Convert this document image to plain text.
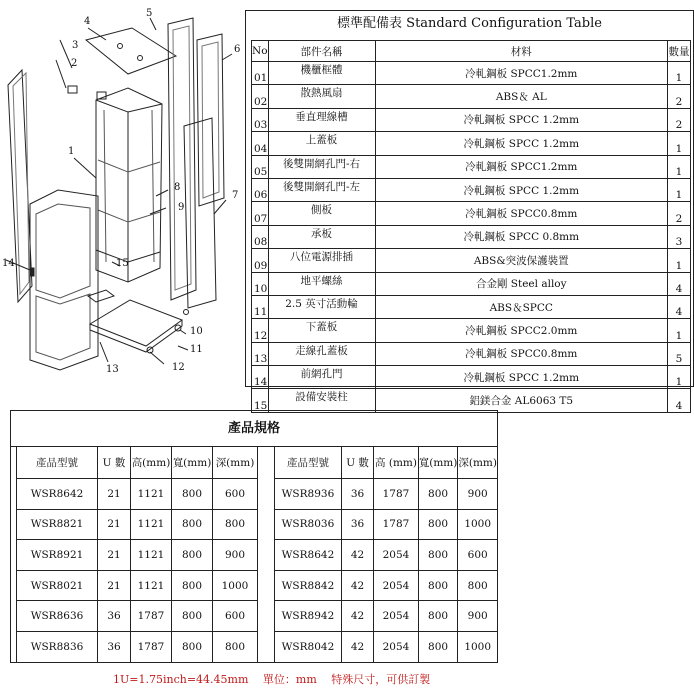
1
2
3
4
5
6
7
8
9
10
11
12
13
14	15
標準配備表 Standard Configuration Table
No	部件名稱	材料	數量
01	機櫃框體	冷軋鋼板 SPCC1.2mm	1
02	散熱風扇	ABS＆ AL	2
03	垂直理線槽	冷軋鋼板 SPCC 1.2mm	2
04	上蓋板	冷軋鋼板 SPCC 1.2mm	1
05	後雙開網孔門-右	冷軋鋼板 SPCC1.2mm	1
06	後雙開網孔門-左	冷軋鋼板 SPCC 1.2mm	1
07	側板	冷軋鋼板 SPCC0.8mm	2
08	承板	冷軋鋼板 SPCC 0.8mm	3
09	八位電源排插	ABS&突波保護裝置	1
10	地平螺絲	合金剛 Steel alloy	4
11	2.5 英寸活動輪	ABS＆SPCC	4
12	下蓋板	冷軋鋼板 SPCC2.0mm	1
13	走線孔蓋板	冷軋鋼板 SPCC0.8mm	5
14	前網孔門	冷軋鋼板 SPCC 1.2mm	1
15	設備安裝柱	鋁鎂合金 AL6063 T5	4
產品規格
產品型號	U 數	高(mm)	寬(mm)	深(mm)
WSR8642	21	1121	800	600
WSR8821	21	1121	800	800
WSR8921	21	1121	800	900
WSR8021	21	1121	800	1000
WSR8636	36	1787	800	600
WSR8836	36	1787	800	800
產品型號	U 數	高 (mm)	寬(mm)	深(mm)
WSR8936	36	1787	800	900
WSR8036	36	1787	800	1000
WSR8642	42	2054	800	600
WSR8842	42	2054	800	800
WSR8942	42	2054	800	900
WSR8042	42	2054	800	1000
1U=1.75inch=44.45mm　 單位：mm　 特殊尺寸，可供訂製
